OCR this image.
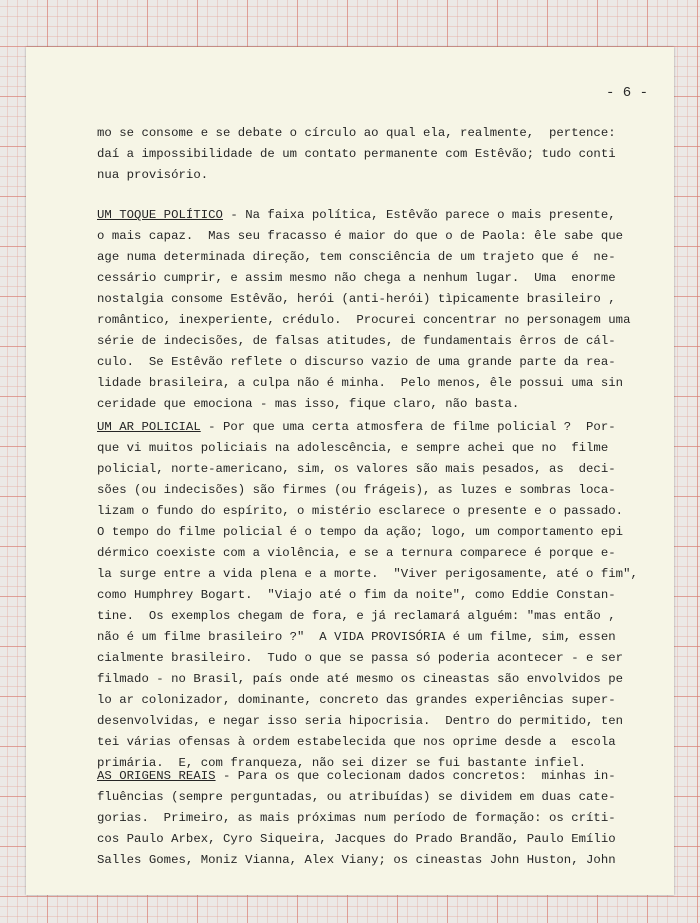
- 6 -
mo se consome e se debate o círculo ao qual ela, realmente,  pertence:
daí a impossibilidade de um contato permanente com Estêvão; tudo conti
nua provisório.
UM TOQUE POLÍTICO - Na faixa política, Estêvão parece o mais presente,
o mais capaz.  Mas seu fracasso é maior do que o de Paola: êle sabe que
age numa determinada direção, tem consciência de um trajeto que é  ne-
cessário cumprir, e assim mesmo não chega a nenhum lugar.  Uma  enorme
nostalgia consome Estêvão, herói (anti-herói) tìpicamente brasileiro ,
romântico, inexperiente, crédulo.  Procurei concentrar no personagem uma
série de indecisões, de falsas atitudes, de fundamentais êrros de cál-
culo.  Se Estêvão reflete o discurso vazio de uma grande parte da rea-
lidade brasileira, a culpa não é minha.  Pelo menos, êle possui uma sin
ceridade que emociona - mas isso, fique claro, não basta.
UM AR POLICIAL - Por que uma certa atmosfera de filme policial ?  Por-
que vi muitos policiais na adolescência, e sempre achei que no  filme
policial, norte-americano, sim, os valores são mais pesados, as  deci-
sões (ou indecisões) são firmes (ou frágeis), as luzes e sombras loca-
lizam o fundo do espírito, o mistério esclarece o presente e o passado.
O tempo do filme policial é o tempo da ação; logo, um comportamento epi
dérmico coexiste com a violência, e se a ternura comparece é porque e-
la surge entre a vida plena e a morte.  "Viver perigosamente, até o fim",
como Humphrey Bogart.  "Viajo até o fim da noite", como Eddie Constan-
tine.  Os exemplos chegam de fora, e já reclamará alguém: "mas então ,
não é um filme brasileiro ?"  A VIDA PROVISÓRIA é um filme, sim, essen
cialmente brasileiro.  Tudo o que se passa só poderia acontecer - e ser
filmado - no Brasil, país onde até mesmo os cineastas são envolvidos pe
lo ar colonizador, dominante, concreto das grandes experiências super-
desenvolvidas, e negar isso seria hipocrisia.  Dentro do permitido, ten
tei várias ofensas à ordem estabelecida que nos oprime desde a  escola
primária.  E, com franqueza, não sei dizer se fui bastante infiel.
AS ORIGENS REAIS - Para os que colecionam dados concretos:  minhas in-
fluências (sempre perguntadas, ou atribuídas) se dividem em duas cate-
gorias.  Primeiro, as mais próximas num período de formação: os críti-
cos Paulo Arbex, Cyro Siqueira, Jacques do Prado Brandão, Paulo Emílio
Salles Gomes, Moniz Vianna, Alex Viany; os cineastas John Huston, John
